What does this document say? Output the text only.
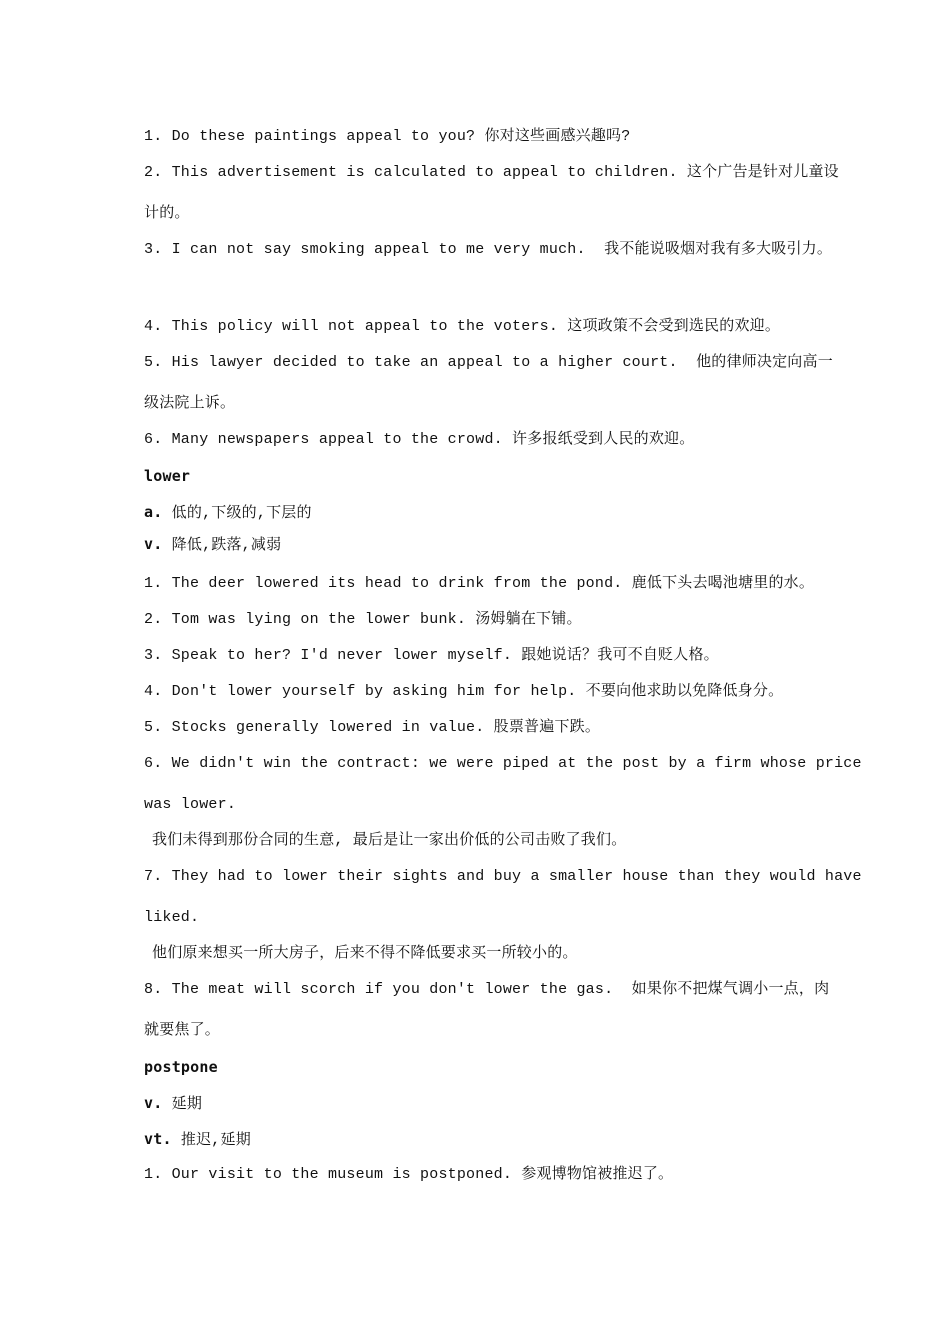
1. Do these paintings appeal to you? 你对这些画感兴趣吗?
2. This advertisement is calculated to appeal to children. 这个广告是针对儿童设
计的。
3. I can not say smoking appeal to me very much.  我不能说吸烟对我有多大吸引力。
4. This policy will not appeal to the voters. 这项政策不会受到选民的欢迎。
5. His lawyer decided to take an appeal to a higher court.  他的律师决定向高一
级法院上诉。
6. Many newspapers appeal to the crowd. 许多报纸受到人民的欢迎。
lower
a. 低的,下级的,下层的
v. 降低,跌落,减弱
1. The deer lowered its head to drink from the pond. 鹿低下头去喝池塘里的水。
2. Tom was lying on the lower bunk. 汤姆躺在下铺。
3. Speak to her? I'd never lower myself. 跟她说话？我可不自贬人格。
4. Don't lower yourself by asking him for help. 不要向他求助以免降低身分。
5. Stocks generally lowered in value. 股票普遍下跌。
6. We didn't win the contract: we were piped at the post by a firm whose price
was lower.
我们未得到那份合同的生意, 最后是让一家出价低的公司击败了我们。
7. They had to lower their sights and buy a smaller house than they would have
liked.
他们原来想买一所大房子，后来不得不降低要求买一所较小的。
8. The meat will scorch if you don't lower the gas.  如果你不把煤气调小一点，肉
就要焦了。
postpone
v. 延期
vt. 推迟,延期
1. Our visit to the museum is postponed. 参观博物馆被推迟了。
